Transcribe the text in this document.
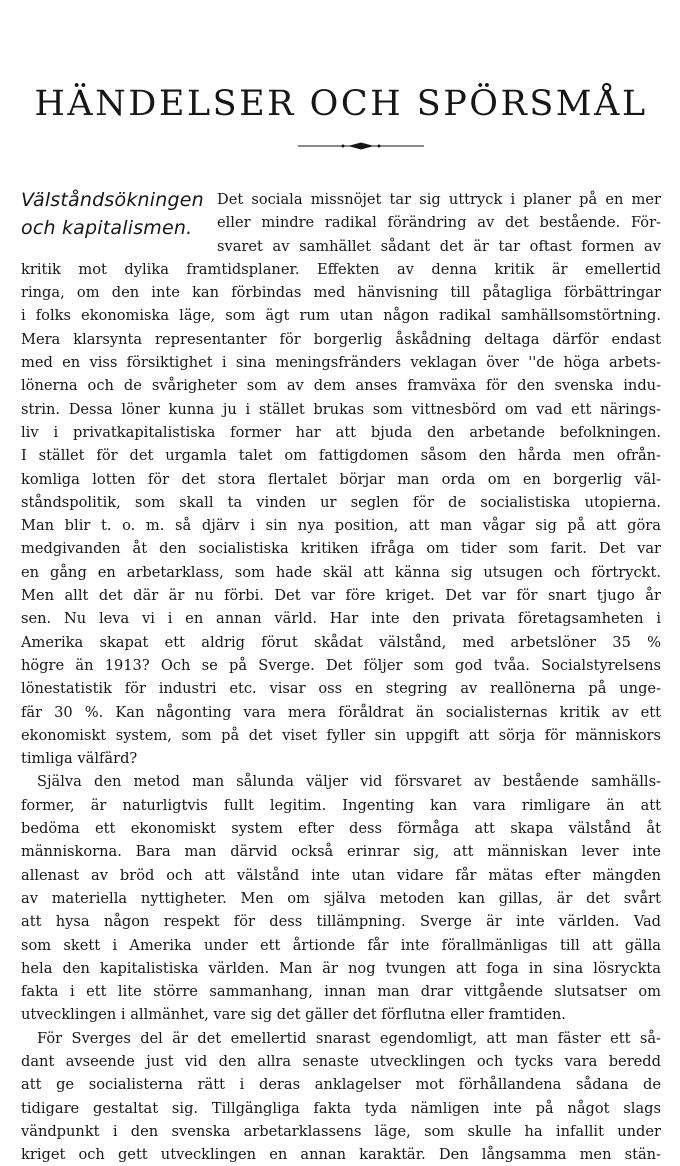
HÄNDELSER OCH SPÖRSMÅL
Välståndsökningen
och kapitalismen.
Det sociala missnöjet tar sig uttryck i planer på en mer
eller mindre radikal förändring av det bestående. För-
svaret av samhället sådant det är tar oftast formen av
kritik mot dylika framtidsplaner. Effekten av denna kritik är emellertid
ringa, om den inte kan förbindas med hänvisning till påtagliga förbättringar
i folks ekonomiska läge, som ägt rum utan någon radikal samhällsomstörtning.
Mera klarsynta representanter för borgerlig åskådning deltaga därför endast
med en viss försiktighet i sina meningsfränders veklagan över ''de höga arbets-
lönerna och de svårigheter som av dem anses framväxa för den svenska indu-
strin. Dessa löner kunna ju i stället brukas som vittnesbörd om vad ett närings-
liv i privatkapitalistiska former har att bjuda den arbetande befolkningen.
I stället för det urgamla talet om fattigdomen såsom den hårda men ofrån-
komliga lotten för det stora flertalet börjar man orda om en borgerlig väl-
ståndspolitik, som skall ta vinden ur seglen för de socialistiska utopierna.
Man blir t. o. m. så djärv i sin nya position, att man vågar sig på att göra
medgivanden åt den socialistiska kritiken ifråga om tider som farit. Det var
en gång en arbetarklass, som hade skäl att känna sig utsugen och förtryckt.
Men allt det där är nu förbi. Det var före kriget. Det var för snart tjugo år
sen. Nu leva vi i en annan värld. Har inte den privata företagsamheten i
Amerika skapat ett aldrig förut skådat välstånd, med arbetslöner 35 %
högre än 1913? Och se på Sverge. Det följer som god tvåa. Socialstyrelsens
lönestatistik för industri etc. visar oss en stegring av reallönerna på unge-
fär 30 %. Kan någonting vara mera föråldrat än socialisternas kritik av ett
ekonomiskt system, som på det viset fyller sin uppgift att sörja för människors
timliga välfärd?
Själva den metod man sålunda väljer vid försvaret av bestående samhälls-
former, är naturligtvis fullt legitim. Ingenting kan vara rimligare än att
bedöma ett ekonomiskt system efter dess förmåga att skapa välstånd åt
människorna. Bara man därvid också erinrar sig, att människan lever inte
allenast av bröd och att välstånd inte utan vidare får mätas efter mängden
av materiella nyttigheter. Men om själva metoden kan gillas, är det svårt
att hysa någon respekt för dess tillämpning. Sverge är inte världen. Vad
som skett i Amerika under ett årtionde får inte förallmänligas till att gälla
hela den kapitalistiska världen. Man är nog tvungen att foga in sina lösryckta
fakta i ett lite större sammanhang, innan man drar vittgående slutsatser om
utvecklingen i allmänhet, vare sig det gäller det förflutna eller framtiden.
För Sverges del är det emellertid snarast egendomligt, att man fäster ett så-
dant avseende just vid den allra senaste utvecklingen och tycks vara beredd
att ge socialisterna rätt i deras anklagelser mot förhållandena sådana de
tidigare gestaltat sig. Tillgängliga fakta tyda nämligen inte på något slags
vändpunkt i den svenska arbetarklassens läge, som skulle ha infallit under
kriget och gett utvecklingen en annan karaktär. Den långsamma men stän-
